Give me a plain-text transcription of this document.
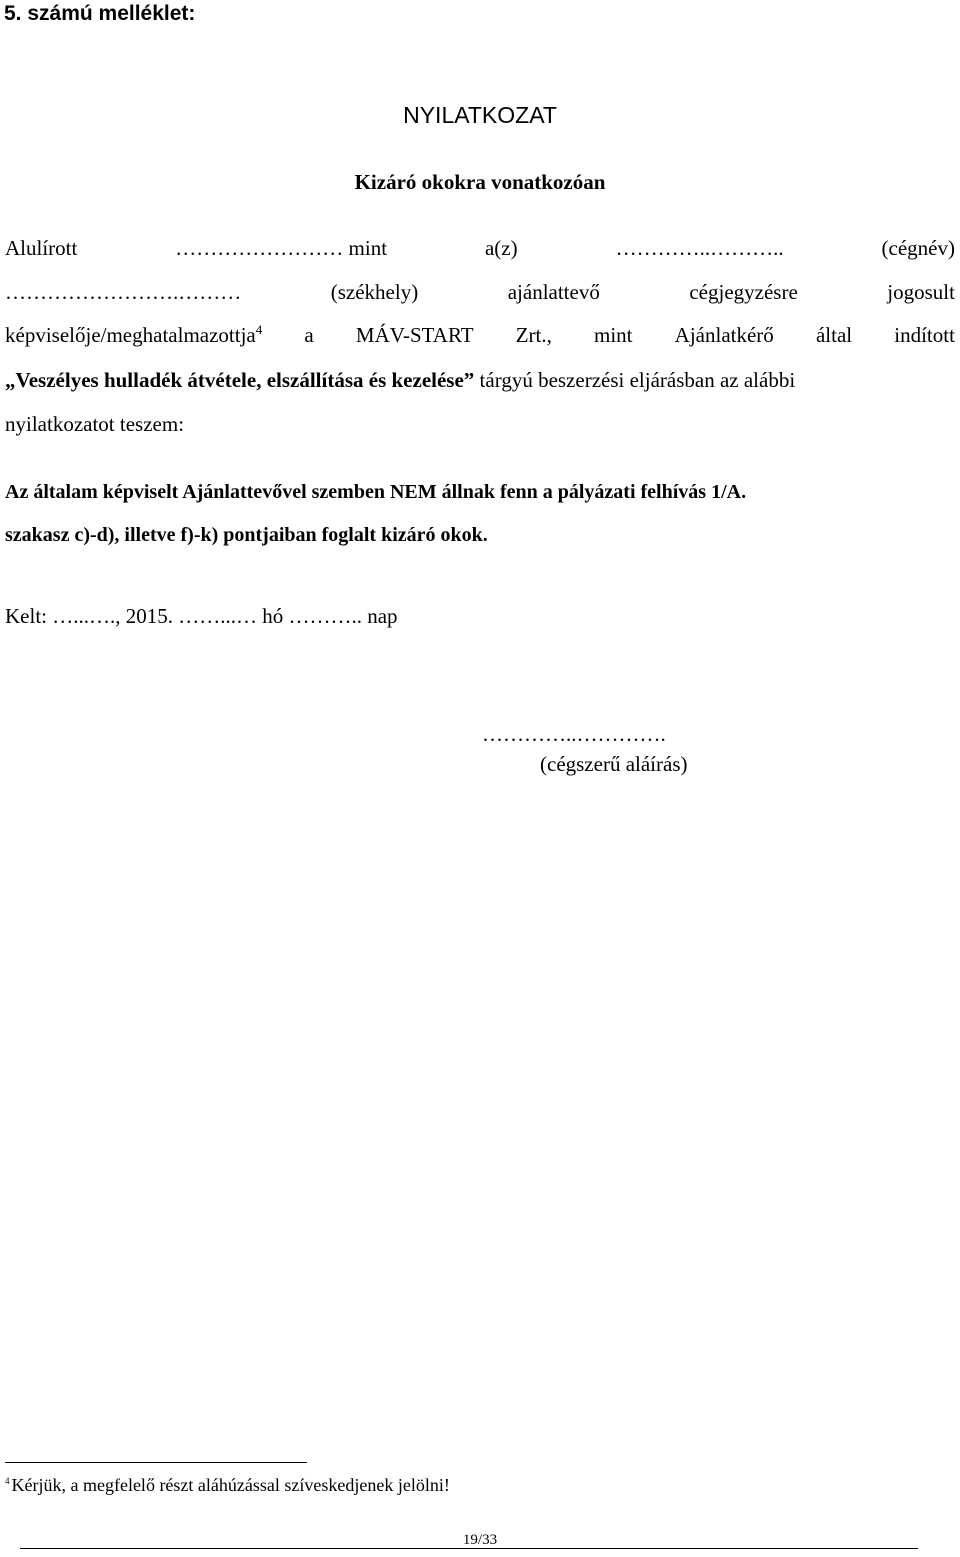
5. számú melléklet:
NYILATKOZAT
Kizáró okokra vonatkozóan
Alulírott	…………………… mint	a(z)	…………..………..	(cégnév)
…………………….………	(székhely)	ajánlattevő	cégjegyzésre	jogosult
képviselője/meghatalmazottja$^4$ a MÁV-START Zrt., mint Ajánlatkérő által indított
„Veszélyes hulladék átvétele, elszállítása és kezelése” tárgyú beszerzési eljárásban az alábbi
nyilatkozatot teszem:
Az általam képviselt Ajánlattevővel szemben NEM állnak fenn a pályázati felhívás 1/A.
szakasz c)-d), illetve f)-k) pontjaiban foglalt kizáró okok.
Kelt: …...…., 2015. ……...… hó ……….. nap
…………..………….
(cégszerű aláírás)
$^4$ Kérjük, a megfelelő részt aláhúzással szíveskedjenek jelölni!
19/33
